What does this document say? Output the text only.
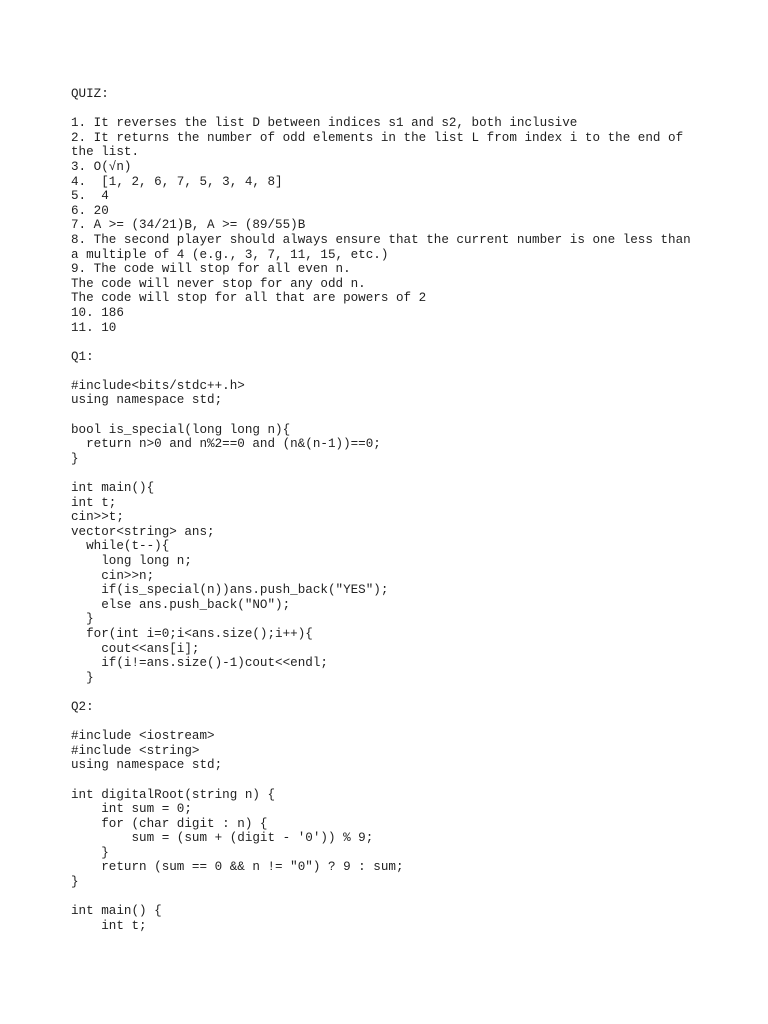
QUIZ:
1. It reverses the list D between indices s1 and s2, both inclusive
2. It returns the number of odd elements in the list L from index i to the end of
the list.
3. O(√n)
4.  [1, 2, 6, 7, 5, 3, 4, 8]
5.  4
6. 20
7. A >= (34/21)B, A >= (89/55)B
8. The second player should always ensure that the current number is one less than
a multiple of 4 (e.g., 3, 7, 11, 15, etc.)
9. The code will stop for all even n.
The code will never stop for any odd n.
The code will stop for all that are powers of 2
10. 186
11. 10
Q1:
#include<bits/stdc++.h>
using namespace std;
bool is_special(long long n){
return n>0 and n%2==0 and (n&(n-1))==0;
}
int main(){
int t;
cin>>t;
vector<string> ans;
while(t--){
long long n;
cin>>n;
if(is_special(n))ans.push_back("YES");
else ans.push_back("NO");
}
for(int i=0;i<ans.size();i++){
cout<<ans[i];
if(i!=ans.size()-1)cout<<endl;
}
Q2:
#include <iostream>
#include <string>
using namespace std;
int digitalRoot(string n) {
int sum = 0;
for (char digit : n) {
sum = (sum + (digit - '0')) % 9;
}
return (sum == 0 && n != "0") ? 9 : sum;
}
int main() {
int t;
